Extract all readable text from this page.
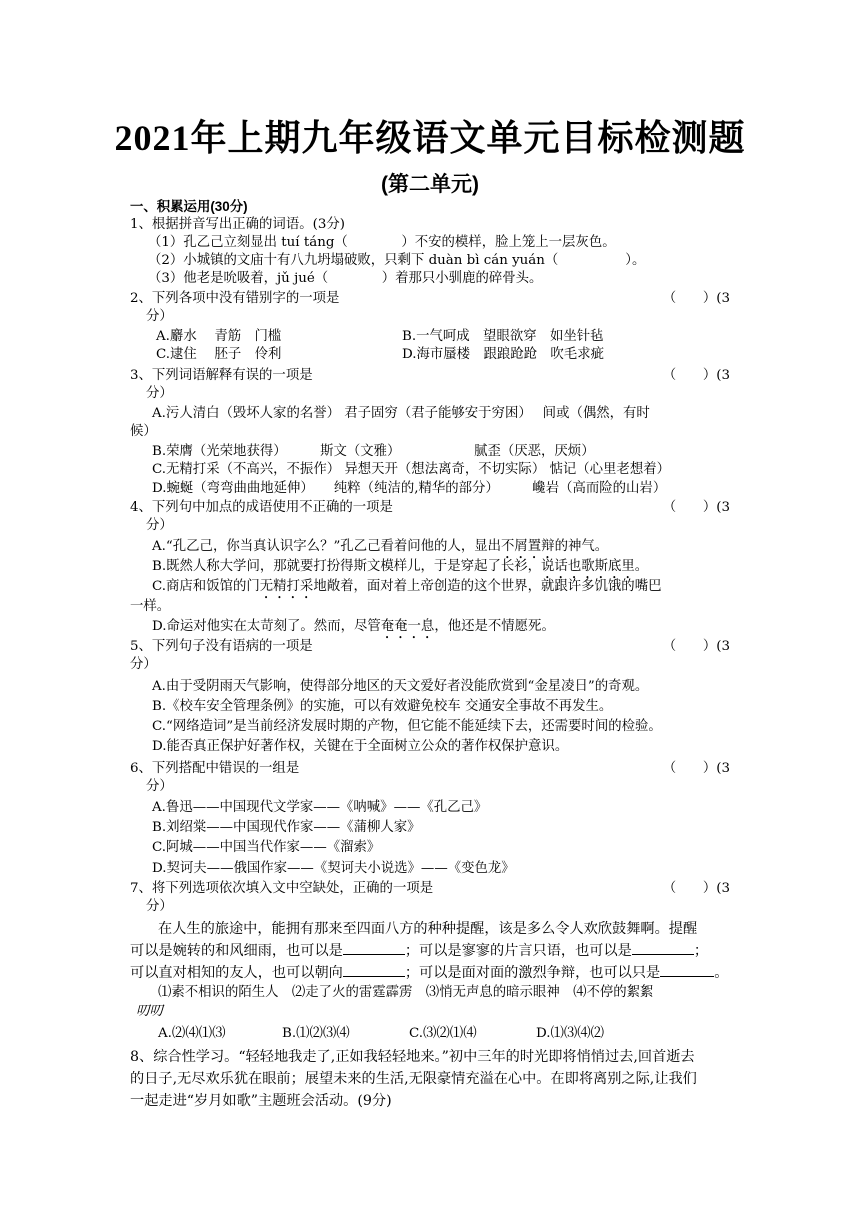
2021年上期九年级语文单元目标检测题
(第二单元)
一、积累运用(30分)
1、根据拼音写出正确的词语。(3分)
（1）孔乙己立刻显出 tuí táng（　　　　）不安的模样，脸上笼上一层灰色。
（2）小城镇的文庙十有八九坍塌破败，只剩下 duàn bì cán yuán（　　　　　）。
（3）他老是吮吸着，jǔ jué（　　　　）着那只小驯鹿的碎骨头。
2、下列各项中没有错别字的一项是	（　　）(3
分）
A.麝水　 青筋　门槛	B.一气呵成　望眼欲穿　如坐针毡
C.逮住　 胚子　伶利	D.海市蜃楼　跟踉跄跄　吹毛求疵
3、下列词语解释有误的一项是	（　　）(3
分）
A.污人清白（毁坏人家的名誉） 君子固穷（君子能够安于穷困）　 间或（偶然，有时
候）
B.荣膺（光荣地获得）　　　斯文（文雅）　　　　　　腻歪（厌恶，厌烦）
C.无精打采（不高兴，不振作） 异想天开（想法离奇，不切实际） 惦记（心里老想着）
D.蜿蜒（弯弯曲曲地延伸）　　纯粹（纯洁的,精华的部分）　　　巉岩（高而险的山岩）
4、下列句中加点的成语使用不正确的一项是	（　　）(3
分）
A.“孔乙己，你当真认识字么？”孔乙己看着问他的人，显出不屑置辩的神气。
B.既然人称大学问，那就要打扮得斯文模样儿，于是穿起了长衫，说话也歌斯底里。
C.商店和饭馆的门无精打采地敞着，面对着上帝创造的这个世界，就跟许多饥饿的嘴巴
一样。
D.命运对他实在太苛刻了。然而，尽管奄奄一息，他还是不情愿死。
5、下列句子没有语病的一项是	（　　）(3
分）
A.由于受阴雨天气影响，使得部分地区的天文爱好者没能欣赏到“金星凌日”的奇观。
B.《校车安全管理条例》的实施，可以有效避免校车 交通安全事故不再发生。
C.“网络造词”是当前经济发展时期的产物，但它能不能延续下去，还需要时间的检验。
D.能否真正保护好著作权，关键在于全面树立公众的著作权保护意识。
6、下列搭配中错误的一组是	（　　）(3
分）
A.鲁迅——中国现代文学家——《呐喊》——《孔乙己》
B.刘绍棠——中国现代作家——《蒲柳人家》
C.阿城——中国当代作家——《溜索》
D.契诃夫——俄国作家——《契诃夫小说选》——《变色龙》
7、将下列选项依次填入文中空缺处，正确的一项是	（　　）(3
分）
在人生的旅途中，能拥有那来至四面八方的种种提醒，该是多么令人欢欣鼓舞啊。提醒
可以是婉转的和风细雨，也可以是	；可以是寥寥的片言只语，也可以是	；
可以直对相知的友人，也可以朝向	；可以是面对面的激烈争辩，也可以只是	。
⑴素不相识的陌生人　⑵走了火的雷霆霹雳　⑶悄无声息的暗示眼神　⑷不停的絮絮
叨叨
A.⑵⑷⑴⑶	B.⑴⑵⑶⑷	C.⑶⑵⑴⑷	D.⑴⑶⑷⑵
8、综合性学习。“轻轻地我走了,正如我轻轻地来。”初中三年的时光即将悄悄过去,回首逝去
的日子,无尽欢乐犹在眼前；展望未来的生活,无限豪情充溢在心中。在即将离别之际,让我们
一起走进“岁月如歌”主题班会活动。(9分)
